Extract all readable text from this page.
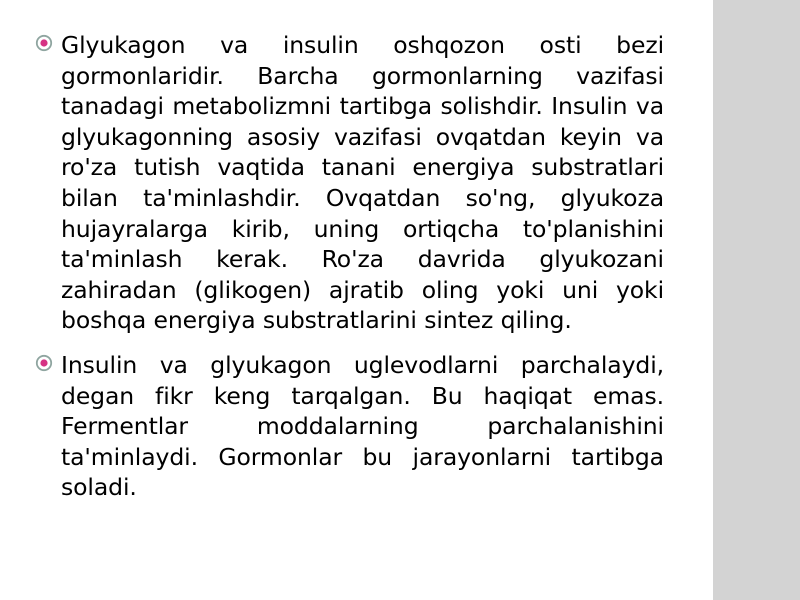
Glyukagon va insulin oshqozon osti bezi gormonlaridir. Barcha gormonlarning vazifasi tanadagi metabolizmni tartibga solishdir. Insulin va glyukagonning asosiy vazifasi ovqatdan keyin va ro'za tutish vaqtida tanani energiya substratlari bilan ta'minlashdir. Ovqatdan so'ng, glyukoza hujayralarga kirib, uning ortiqcha to'planishini ta'minlash kerak. Ro'za davrida glyukozani zahiradan (glikogen) ajratib oling yoki uni yoki boshqa energiya substratlarini sintez qiling.
Insulin va glyukagon uglevodlarni parchalaydi, degan fikr keng tarqalgan. Bu haqiqat emas. Fermentlar moddalarning parchalanishini ta'minlaydi. Gormonlar bu jarayonlarni tartibga soladi.
